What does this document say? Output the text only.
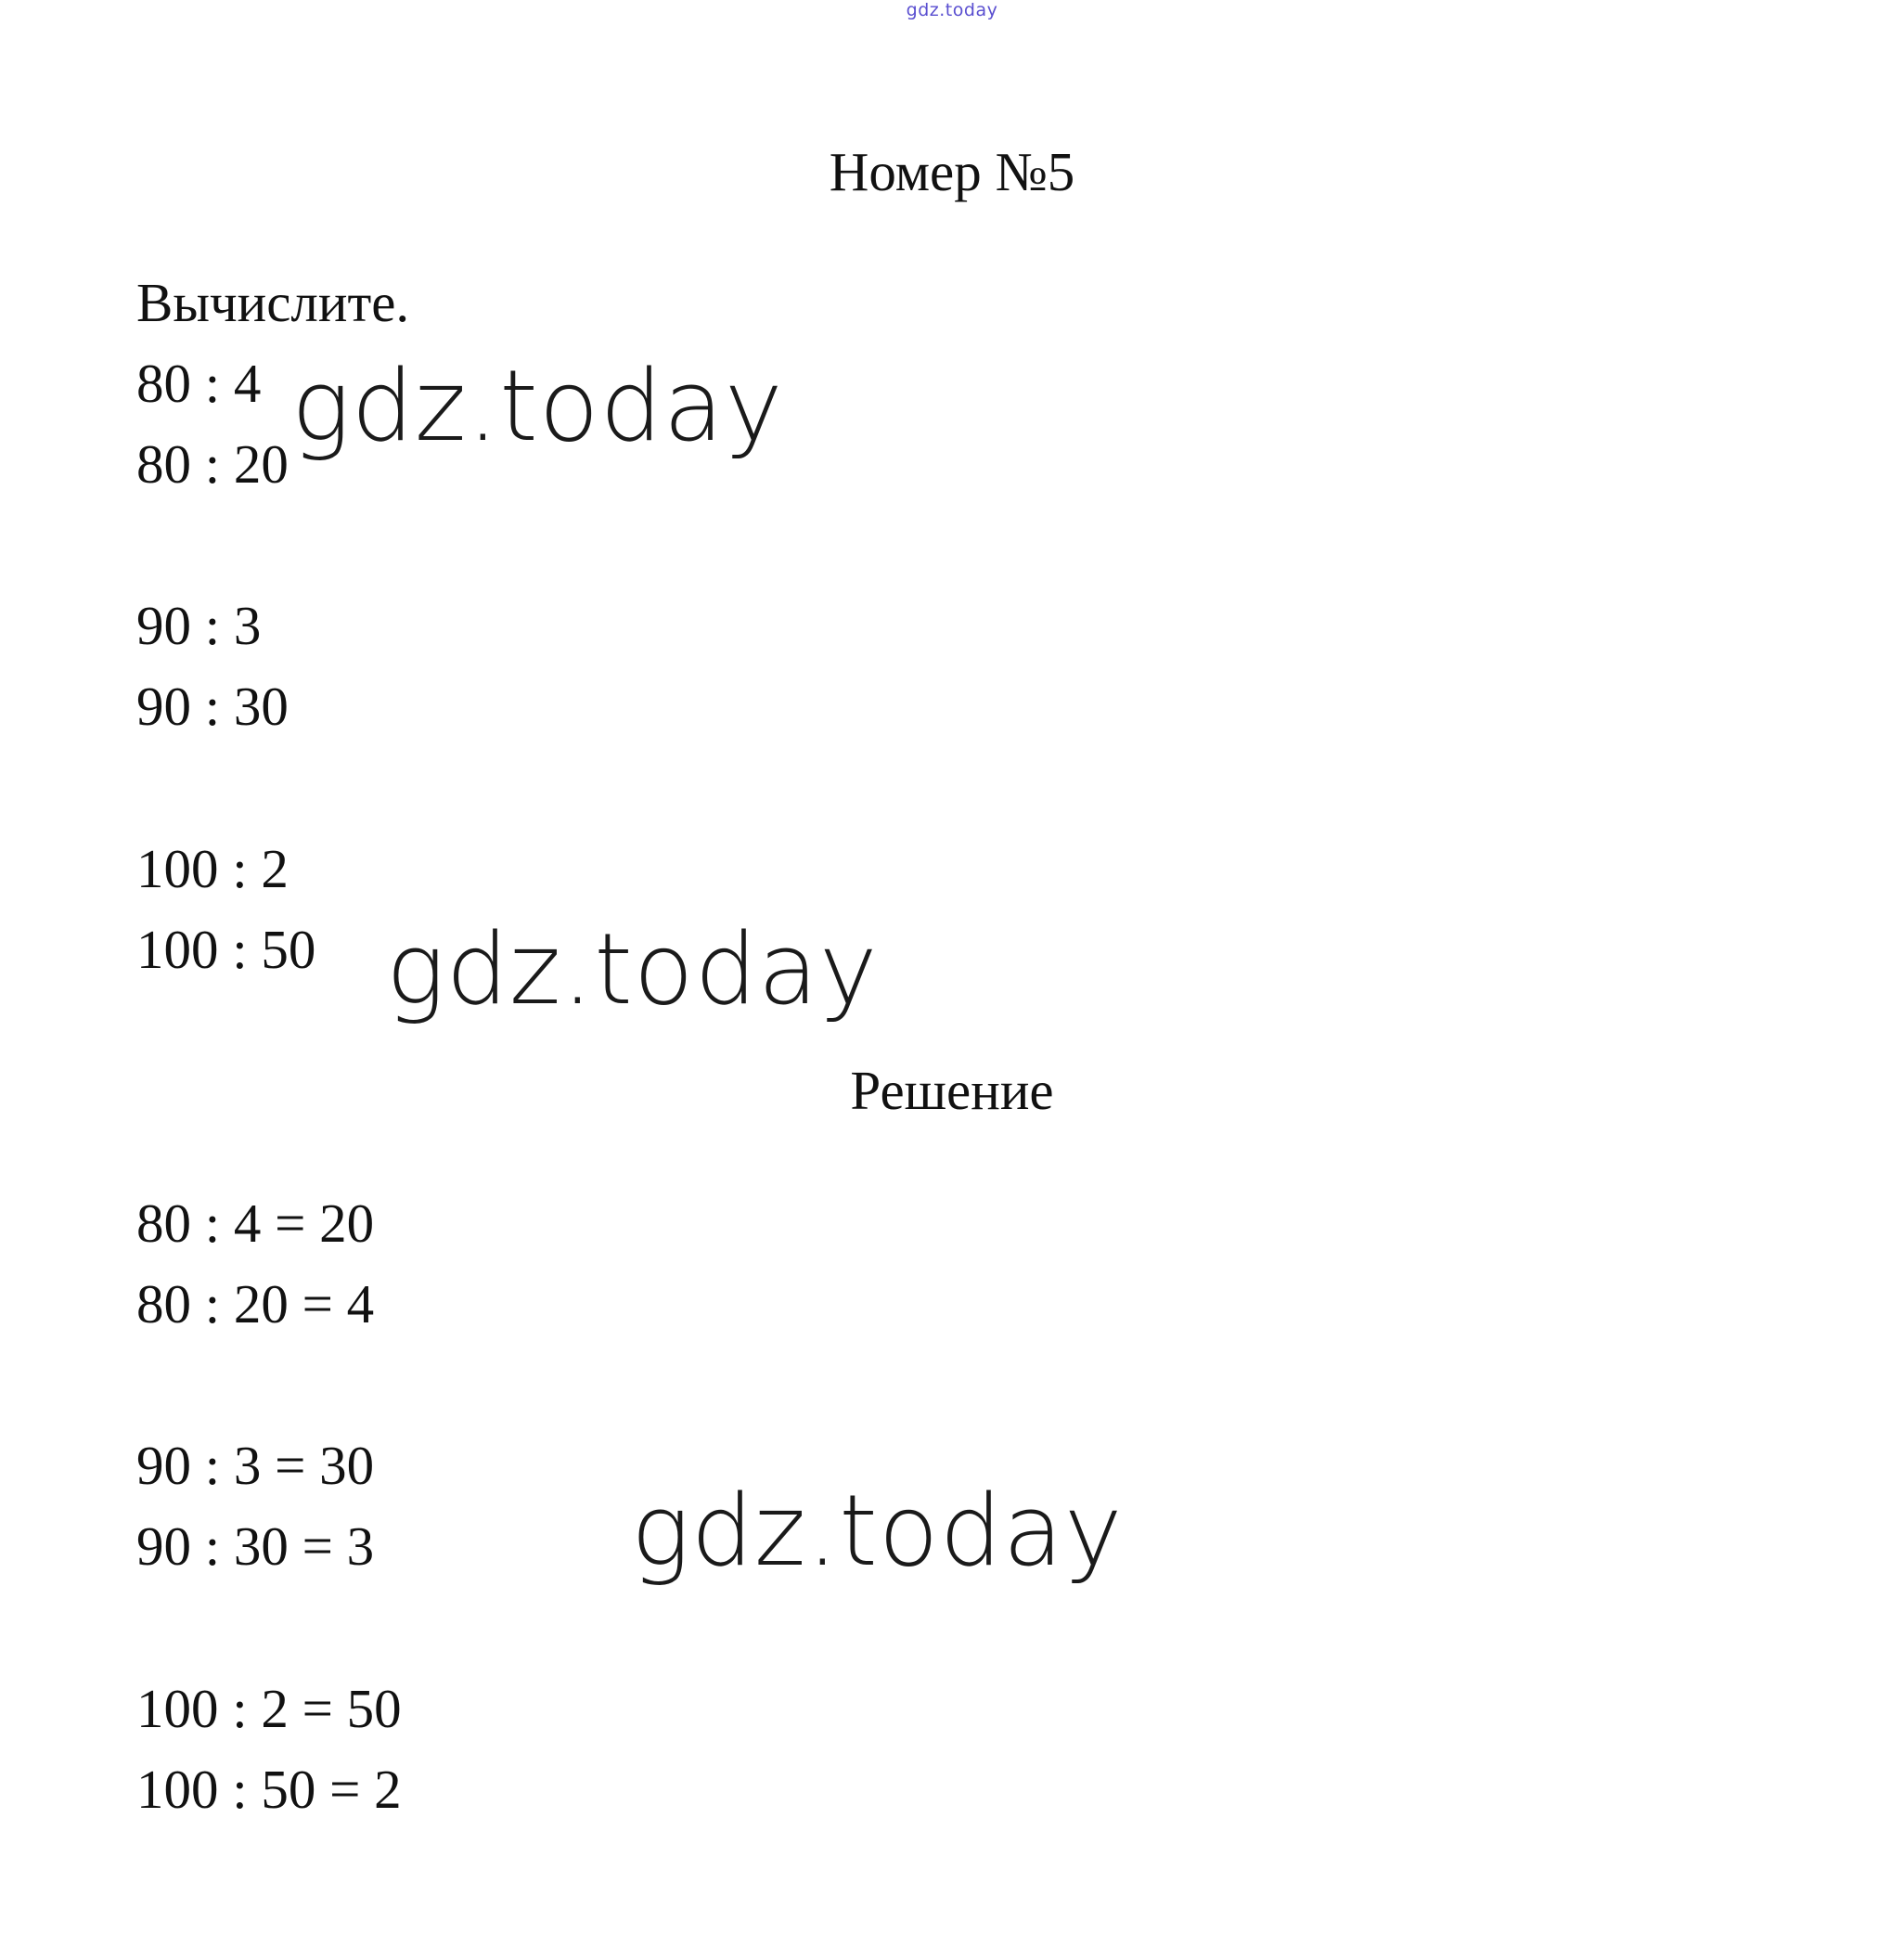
gdz.today
Номер №5
Вычислите.
80 : 4
80 : 20
90 : 3
90 : 30
100 : 2
100 : 50
Решение
80 : 4 = 20
80 : 20 = 4
90 : 3 = 30
90 : 30 = 3
100 : 2 = 50
100 : 50 = 2
gdz.today
gdz.today
gdz.today
